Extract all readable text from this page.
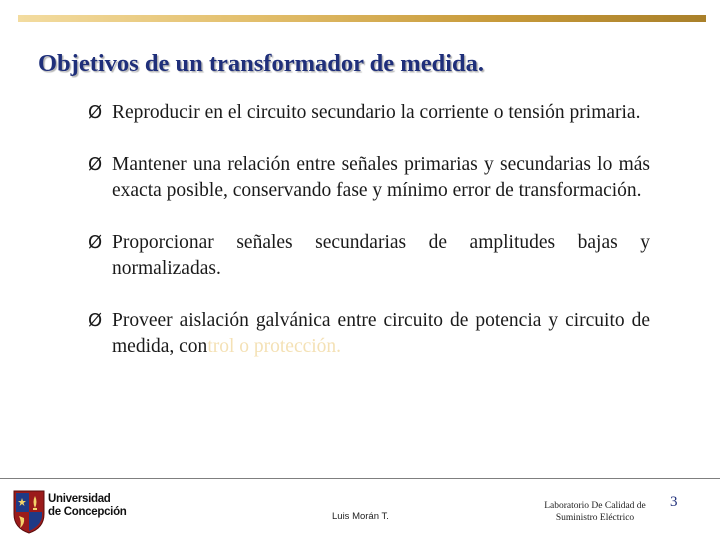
Objetivos de un transformador de medida.
Ø Reproducir en el circuito secundario la corriente o tensión primaria.
Ø Mantener una relación entre señales primarias y secundarias lo más exacta posible, conservando fase y mínimo error de transformación.
Ø Proporcionar señales secundarias de amplitudes bajas y normalizadas.
Ø Proveer aislación galvánica entre circuito de potencia y circuito de medida, control o protección.
Universidad
de Concepción	Luis Morán T.
Laboratorio De Calidad de
Suministro Eléctrico
3
